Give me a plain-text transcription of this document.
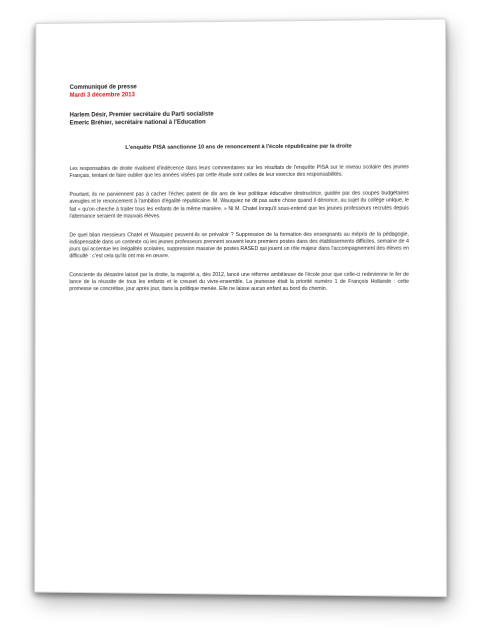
Communiqué de presse
Mardi 3 décembre 2013
Harlem Désir, Premier secrétaire du Parti socialiste
Emeric Bréhier, secrétaire national à l'Education
L'enquête PISA sanctionne 10 ans de renoncement à l'école républicaine par la droite
Les responsables de droite rivalisent d'indécence dans leurs commentaires sur les résultats de l'enquête PISA sur le niveau scolaire des jeunes Français, tentant de faire oublier que les années visées par cette étude sont celles de leur exercice des responsabilités.
Pourtant, ils ne parviennent pas à cacher l'échec patent de dix ans de leur politique éducative destructrice, guidée par des coupes budgétaires aveugles et le renoncement à l'ambition d'égalité républicaine. M. Wauquiez ne dit pas autre chose quand il dénonce, au sujet du collège unique, le fait « qu'on cherche à traiter tous les enfants de la même manière. » Ni M. Chatel lorsqu'il sous-entend que les jeunes professeurs recrutés depuis l'alternance seraient de mauvais élèves.
De quel bilan messieurs Chatel et Wauquiez peuvent-ils se prévaloir ? Suppression de la formation des enseignants au mépris de la pédagogie, indispensable dans un contexte où les jeunes professeurs prennent souvent leurs premiers postes dans des établissements difficiles, semaine de 4 jours qui accentue les inégalités scolaires, suppression massive de postes RASED qui jouent un rôle majeur dans l'accompagnement des élèves en difficulté : c'est cela qu'ils ont mis en œuvre.
Consciente du désastre laissé par la droite, la majorité a, dès 2012, lancé une réforme ambitieuse de l'école pour que celle-ci redevienne le fer de lance de la réussite de tous les enfants et le creuset du vivre-ensemble. La jeunesse était la priorité numéro 1 de François Hollande : cette promesse se concrétise, jour après jour, dans la politique menée. Elle ne laisse aucun enfant au bord du chemin.
